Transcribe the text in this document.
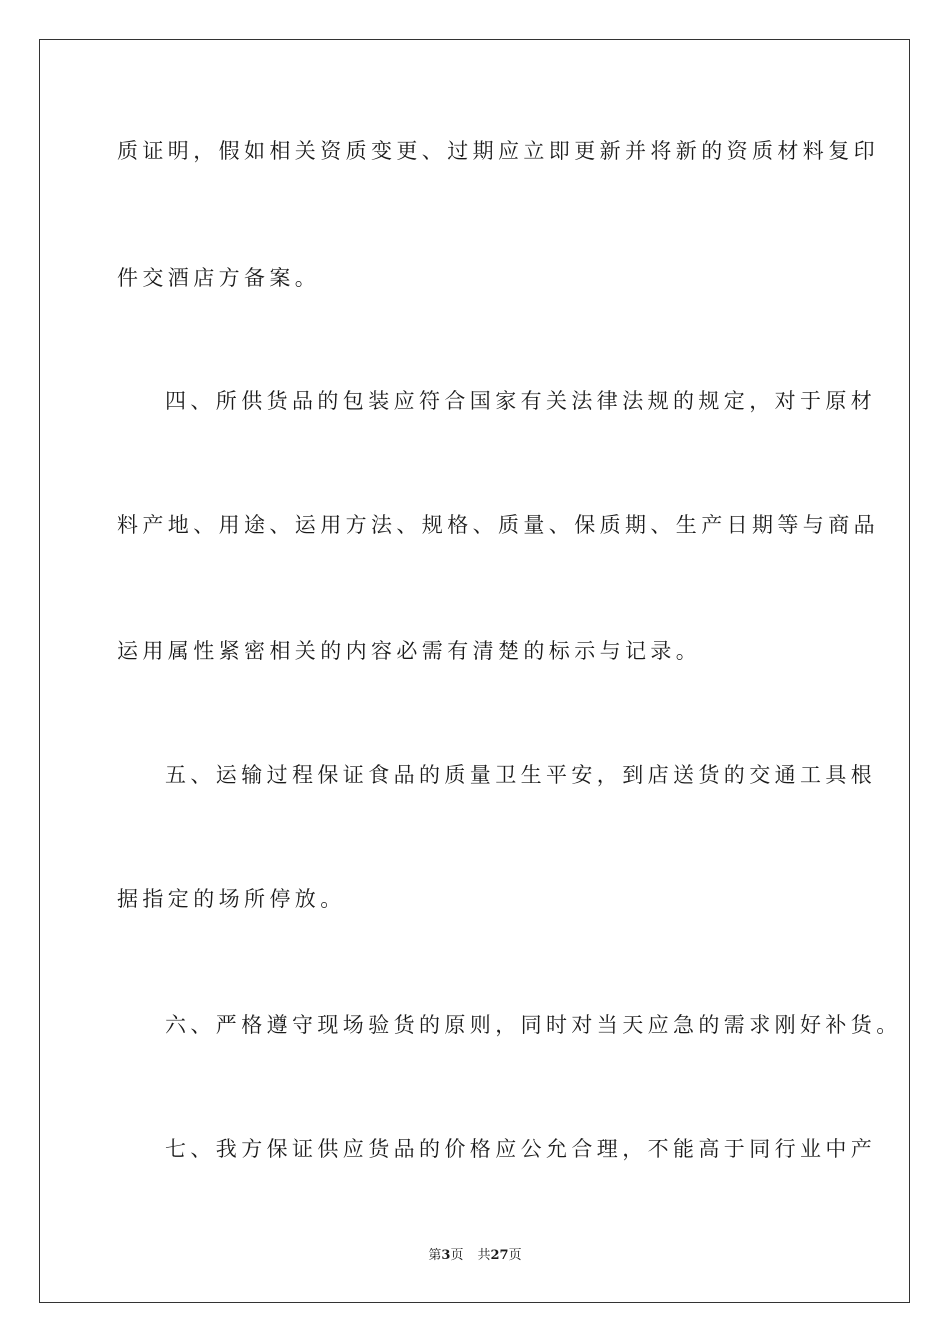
质证明，假如相关资质变更、过期应立即更新并将新的资质材料复印

件交酒店方备案。

四、所供货品的包装应符合国家有关法律法规的规定，对于原材

料产地、用途、运用方法、规格、质量、保质期、生产日期等与商品

运用属性紧密相关的内容必需有清楚的标示与记录。

五、运输过程保证食品的质量卫生平安，到店送货的交通工具根

据指定的场所停放。

六、严格遵守现场验货的原则，同时对当天应急的需求刚好补货。

七、我方保证供应货品的价格应公允合理，不能高于同行业中产

第3页 共27页
